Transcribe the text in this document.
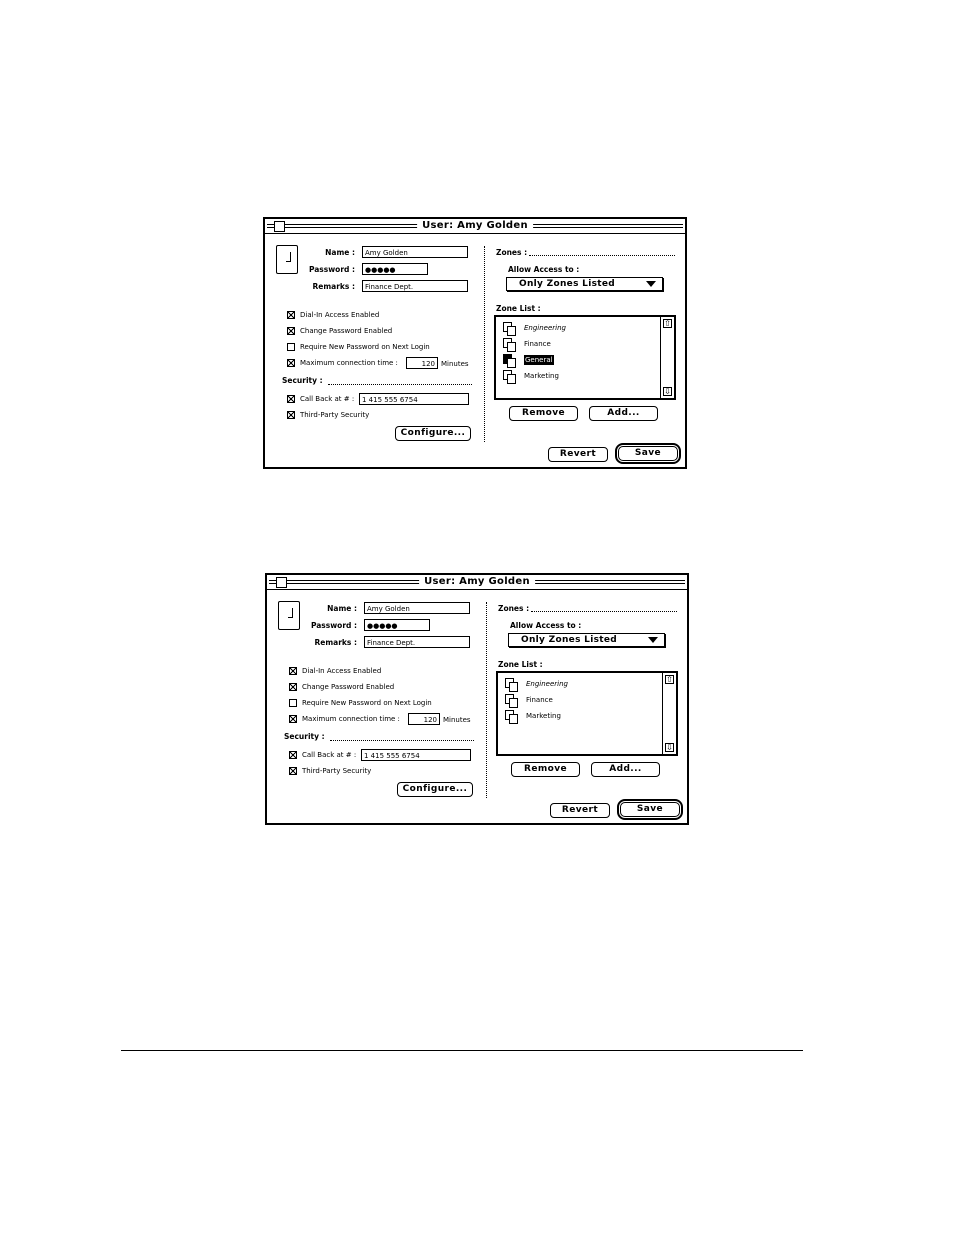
User: Amy Golden
Name :	Amy Golden
Password :	●●●●●
Remarks :	Finance Dept.
Dial-In Access Enabled
Change Password Enabled
Require New Password on Next Login
Maximum connection time :	120 Minutes
Security :
Call Back at # :	1 415 555 6754
Third-Party Security
Configure...
Zones :
Allow Access to :
Only Zones Listed
Zone List :
Engineering
Finance
General
Marketing
⇧
⇩
Remove	Add...
Revert	Save
User: Amy Golden
Name :	Amy Golden
Password :	●●●●●
Remarks :	Finance Dept.
Dial-In Access Enabled
Change Password Enabled
Require New Password on Next Login
Maximum connection time :	120 Minutes
Security :
Call Back at # :	1 415 555 6754
Third-Party Security
Configure...
Zones :
Allow Access to :
Only Zones Listed
Zone List :
Engineering
Finance
Marketing
⇧
⇩
Remove	Add...
Revert	Save
